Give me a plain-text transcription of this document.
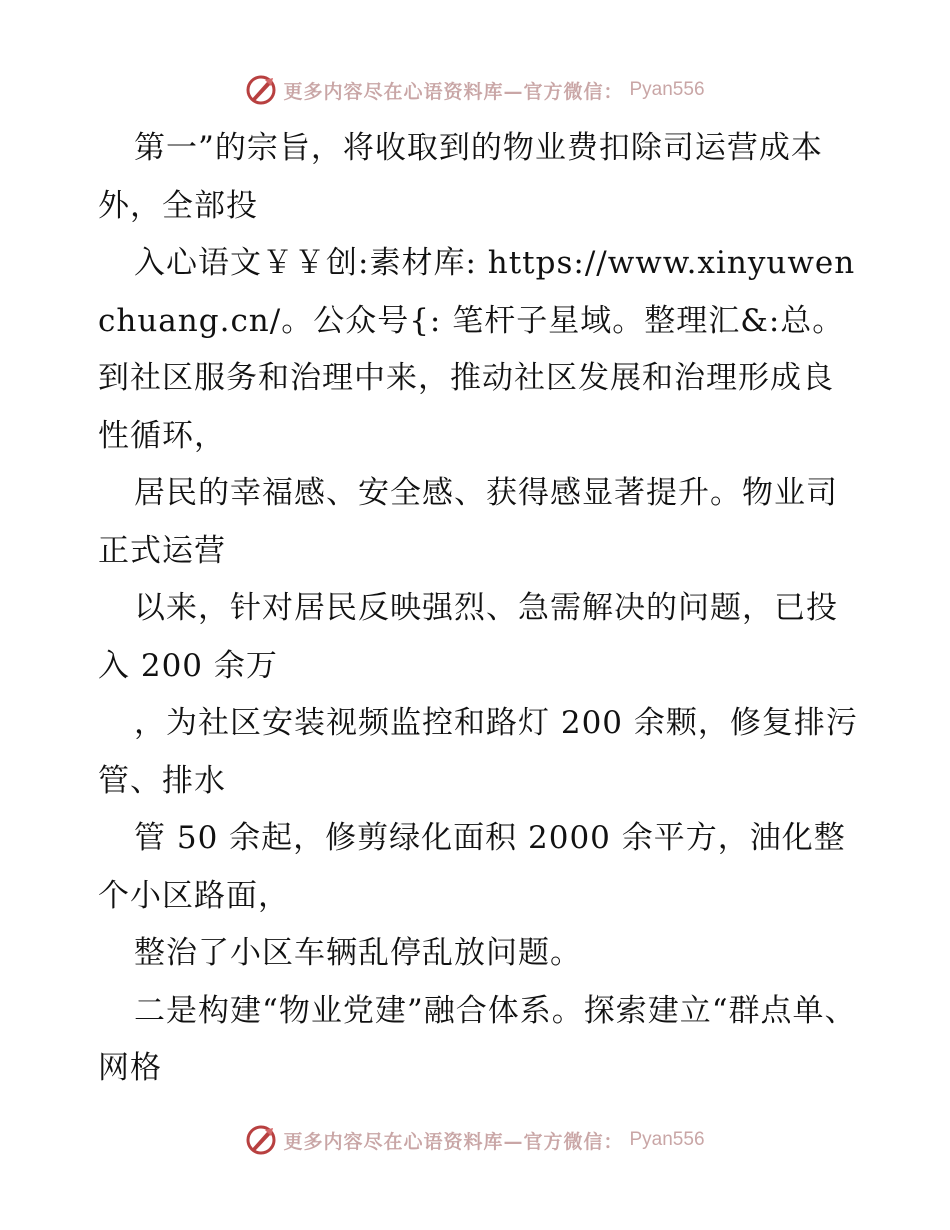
更多内容尽在心语资料库—官方微信： Pyan556

第一”的宗旨，将收取到的物业费扣除司运营成本外，全部投

入心语文￥￥创:素材库: https://www.xinyuwenchuang.cn/。公众号{: 笔杆子星域。整理汇&:总。到社区服务和治理中来，推动社区发展和治理形成良性循环，

居民的幸福感、安全感、获得感显著提升。物业司正式运营

以来，针对居民反映强烈、急需解决的问题，已投入 200 余万

，为社区安装视频监控和路灯 200 余颗，修复排污管、排水

管 50 余起，修剪绿化面积 2000 余平方，油化整个小区路面，

整治了小区车辆乱停乱放问题。

二是构建“物业党建”融合体系。探索建立“群点单、网格

更多内容尽在心语资料库—官方微信： Pyan556
